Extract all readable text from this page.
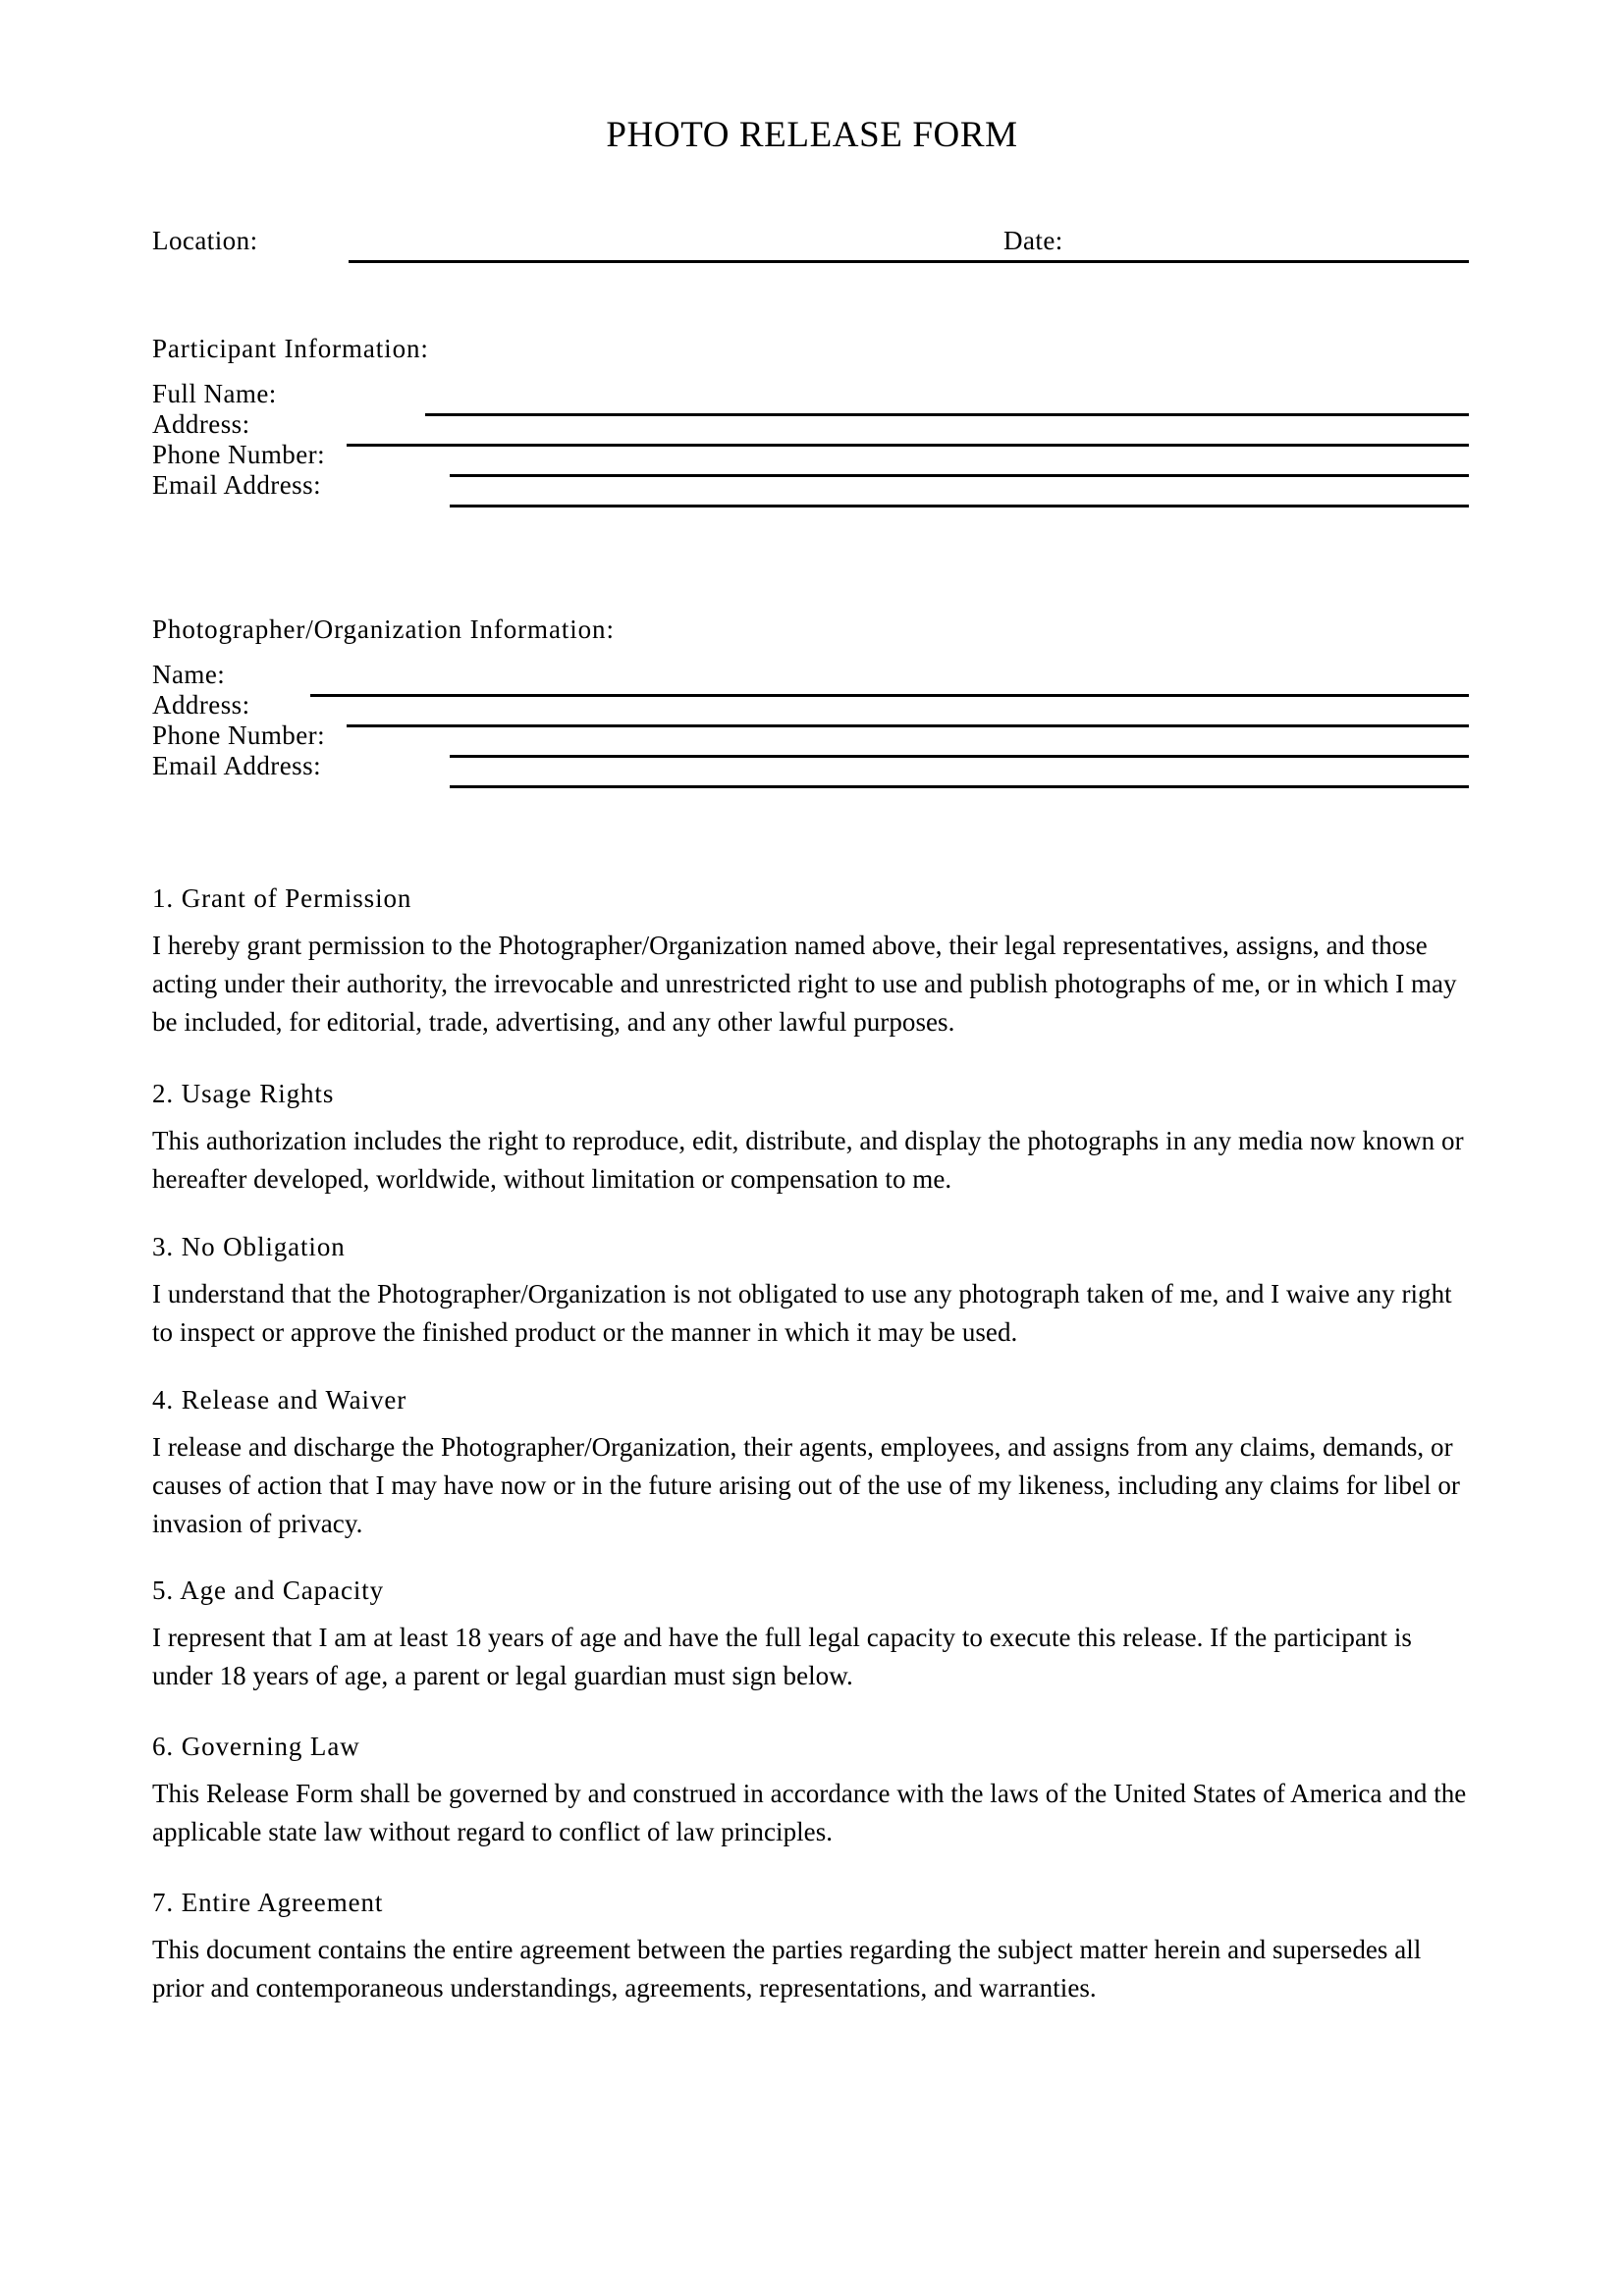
PHOTO RELEASE FORM
Location:	Date:
Participant Information:
Full Name:
Address:
Phone Number:
Email Address:
Photographer/Organization Information:
Name:
Address:
Phone Number:
Email Address:
1. Grant of Permission
I hereby grant permission to the Photographer/Organization named above, their legal representatives, assigns, and those acting under their authority, the irrevocable and unrestricted right to use and publish photographs of me, or in which I may be included, for editorial, trade, advertising, and any other lawful purposes.
2. Usage Rights
This authorization includes the right to reproduce, edit, distribute, and display the photographs in any media now known or hereafter developed, worldwide, without limitation or compensation to me.
3. No Obligation
I understand that the Photographer/Organization is not obligated to use any photograph taken of me, and I waive any right to inspect or approve the finished product or the manner in which it may be used.
4. Release and Waiver
I release and discharge the Photographer/Organization, their agents, employees, and assigns from any claims, demands, or causes of action that I may have now or in the future arising out of the use of my likeness, including any claims for libel or invasion of privacy.
5. Age and Capacity
I represent that I am at least 18 years of age and have the full legal capacity to execute this release. If the participant is under 18 years of age, a parent or legal guardian must sign below.
6. Governing Law
This Release Form shall be governed by and construed in accordance with the laws of the United States of America and the applicable state law without regard to conflict of law principles.
7. Entire Agreement
This document contains the entire agreement between the parties regarding the subject matter herein and supersedes all prior and contemporaneous understandings, agreements, representations, and warranties.
